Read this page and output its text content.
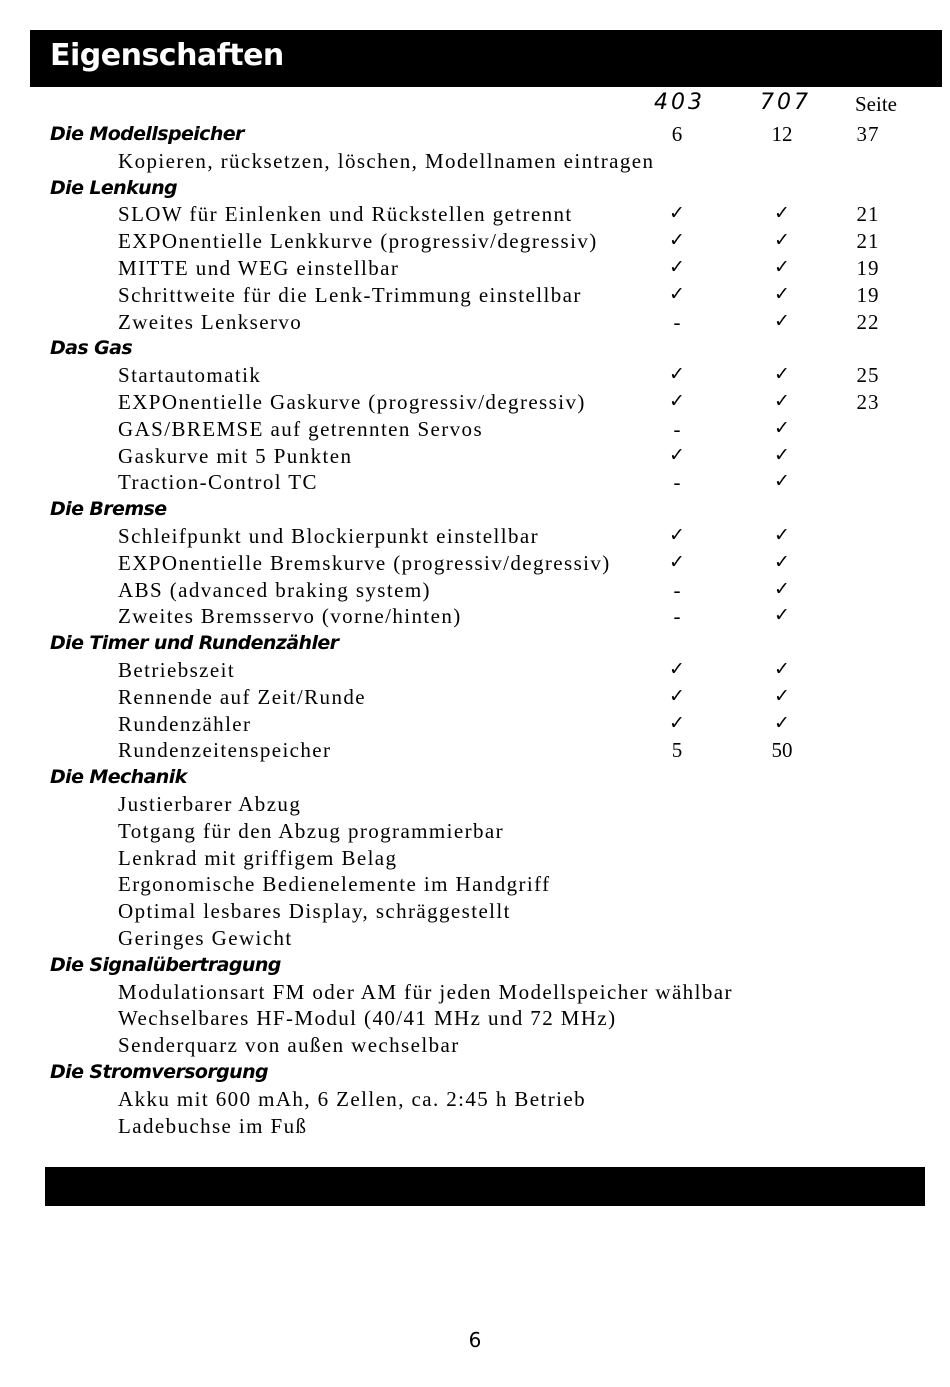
Eigenschaften
403	707 Seite
Die Modellspeicher	6	12	37
Kopieren, rücksetzen, löschen, Modellnamen eintragen
Die Lenkung
SLOW für Einlenken und Rückstellen getrennt	✓	✓	21
EXPOnentielle Lenkkurve (progressiv/degressiv)	✓	✓	21
MITTE und WEG einstellbar	✓	✓	19
Schrittweite für die Lenk-Trimmung einstellbar	✓	✓	19
Zweites Lenkservo	-	✓	22
Das Gas
Startautomatik	✓	✓	25
EXPOnentielle Gaskurve (progressiv/degressiv)	✓	✓	23
GAS/BREMSE auf getrennten Servos	-	✓
Gaskurve mit 5 Punkten	✓	✓
Traction-Control TC	-	✓
Die Bremse
Schleifpunkt und Blockierpunkt einstellbar	✓	✓
EXPOnentielle Bremskurve (progressiv/degressiv)	✓	✓
ABS (advanced braking system)	-	✓
Zweites Bremsservo (vorne/hinten)	-	✓
Die Timer und Rundenzähler
Betriebszeit	✓	✓
Rennende auf Zeit/Runde	✓	✓
Rundenzähler	✓	✓
Rundenzeitenspeicher	5	50
Die Mechanik
Justierbarer Abzug
Totgang für den Abzug programmierbar
Lenkrad mit griffigem Belag
Ergonomische Bedienelemente im Handgriff
Optimal lesbares Display, schräggestellt
Geringes Gewicht
Die Signalübertragung
Modulationsart FM oder AM für jeden Modellspeicher wählbar
Wechselbares HF-Modul (40/41 MHz und 72 MHz)
Senderquarz von außen wechselbar
Die Stromversorgung
Akku mit 600 mAh, 6 Zellen, ca. 2:45 h Betrieb
Ladebuchse im Fuß
6
